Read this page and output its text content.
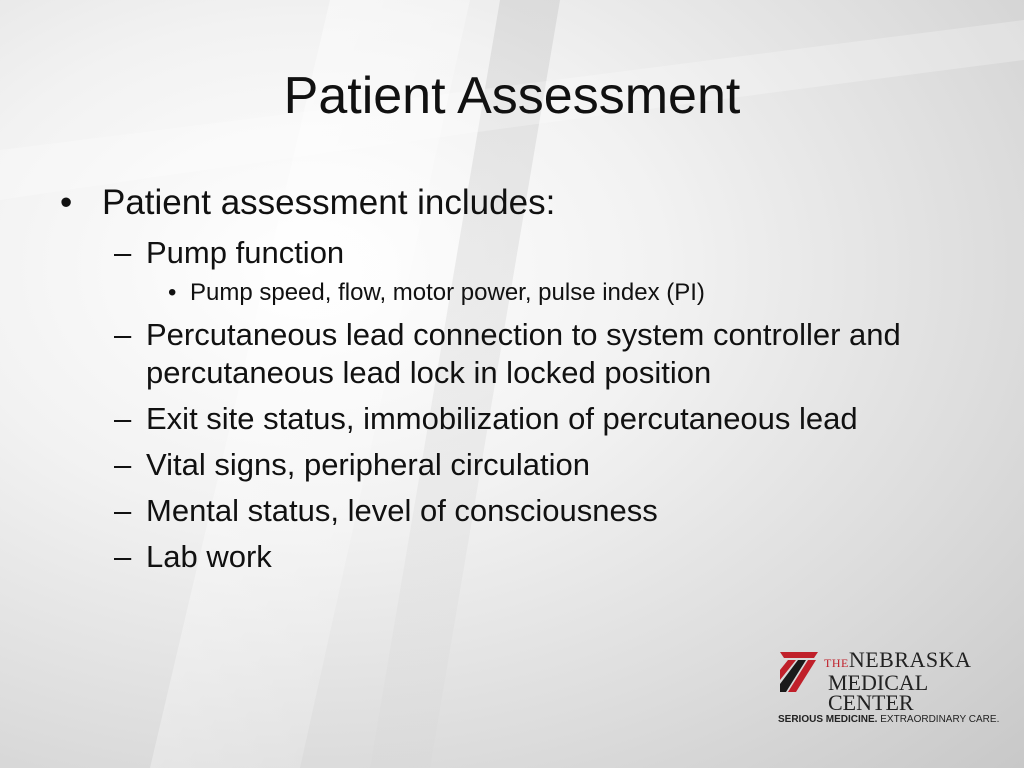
Patient Assessment
• Patient assessment includes:
– Pump function
• Pump speed, flow, motor power, pulse index (PI)
– Percutaneous lead connection to system controller and percutaneous lead lock in locked position
– Exit site status, immobilization of percutaneous lead
– Vital signs, peripheral circulation
– Mental status, level of consciousness
– Lab work
THENEBRASKA
MEDICAL CENTER
SERIOUS MEDICINE. EXTRAORDINARY CARE.
